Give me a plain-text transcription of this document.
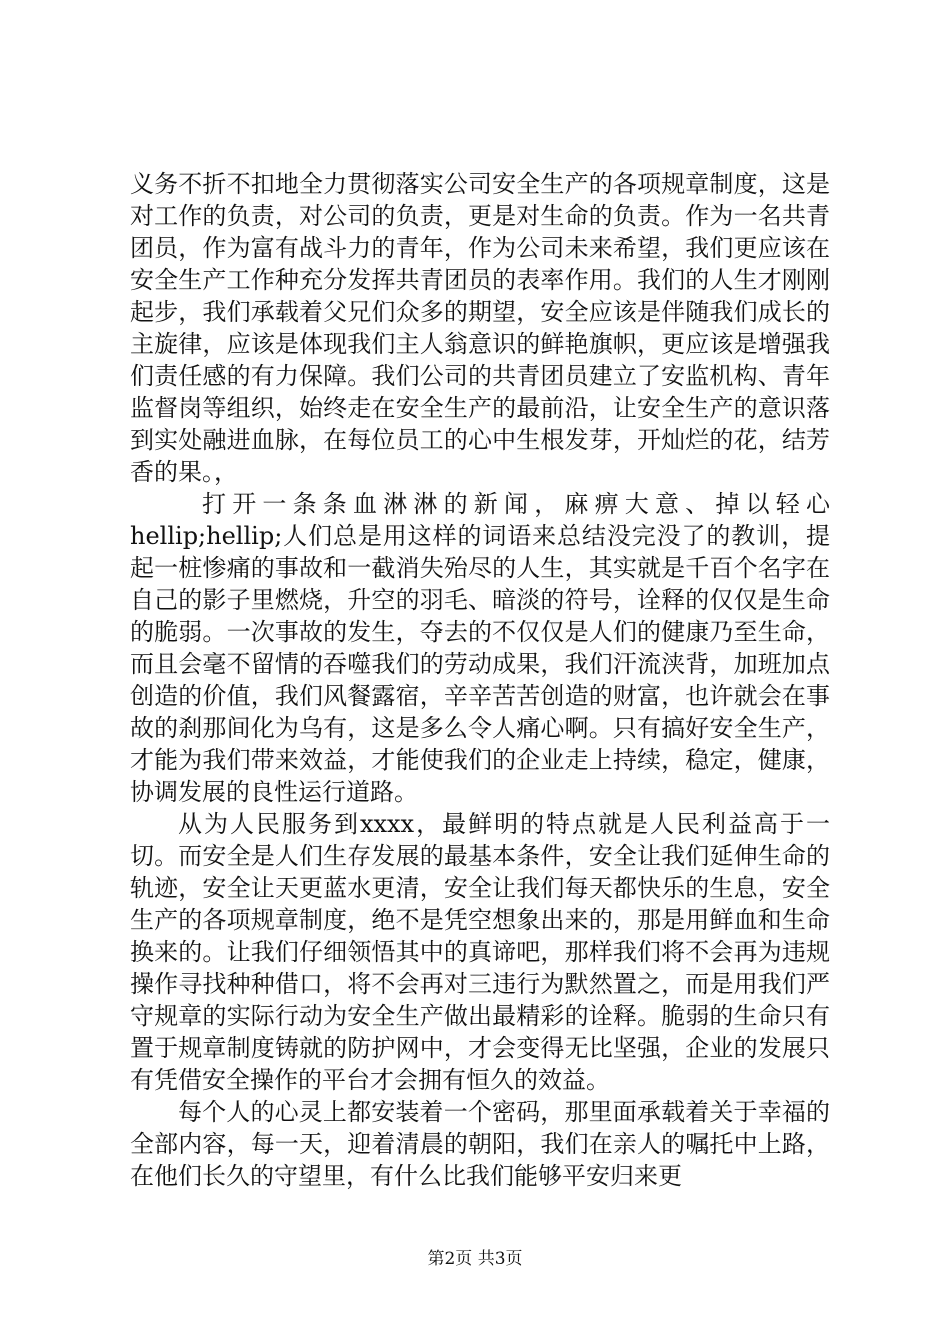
义务不折不扣地全力贯彻落实公司安全生产的各项规章制度，这是对工作的负责，对公司的负责，更是对生命的负责。作为一名共青团员，作为富有战斗力的青年，作为公司未来希望，我们更应该在安全生产工作种充分发挥共青团员的表率作用。我们的人生才刚刚起步，我们承载着父兄们众多的期望，安全应该是伴随我们成长的主旋律，应该是体现我们主人翁意识的鲜艳旗帜，更应该是增强我们责任感的有力保障。我们公司的共青团员建立了安监机构、青年监督岗等组织，始终走在安全生产的最前沿，让安全生产的意识落到实处融进血脉，在每位员工的心中生根发芽，开灿烂的花，结芳香的果。，

打开一条条血淋淋的新闻，麻痹大意、掉以轻心hellip;hellip;人们总是用这样的词语来总结没完没了的教训，提起一桩惨痛的事故和一截消失殆尽的人生，其实就是千百个名字在自己的影子里燃烧，升空的羽毛、暗淡的符号，诠释的仅仅是生命的脆弱。一次事故的发生，夺去的不仅仅是人们的健康乃至生命，而且会毫不留情的吞噬我们的劳动成果，我们汗流浃背，加班加点创造的价值，我们风餐露宿，辛辛苦苦创造的财富，也许就会在事故的刹那间化为乌有，这是多么令人痛心啊。只有搞好安全生产，才能为我们带来效益，才能使我们的企业走上持续，稳定，健康，协调发展的良性运行道路。

从为人民服务到xxxx，最鲜明的特点就是人民利益高于一切。而安全是人们生存发展的最基本条件，安全让我们延伸生命的轨迹，安全让天更蓝水更清，安全让我们每天都快乐的生息，安全生产的各项规章制度，绝不是凭空想象出来的，那是用鲜血和生命换来的。让我们仔细领悟其中的真谛吧，那样我们将不会再为违规操作寻找种种借口，将不会再对三违行为默然置之，而是用我们严守规章的实际行动为安全生产做出最精彩的诠释。脆弱的生命只有置于规章制度铸就的防护网中，才会变得无比坚强，企业的发展只有凭借安全操作的平台才会拥有恒久的效益。

每个人的心灵上都安装着一个密码，那里面承载着关于幸福的全部内容，每一天，迎着清晨的朝阳，我们在亲人的嘱托中上路，在他们长久的守望里，有什么比我们能够平安归来更

第2页 共3页
